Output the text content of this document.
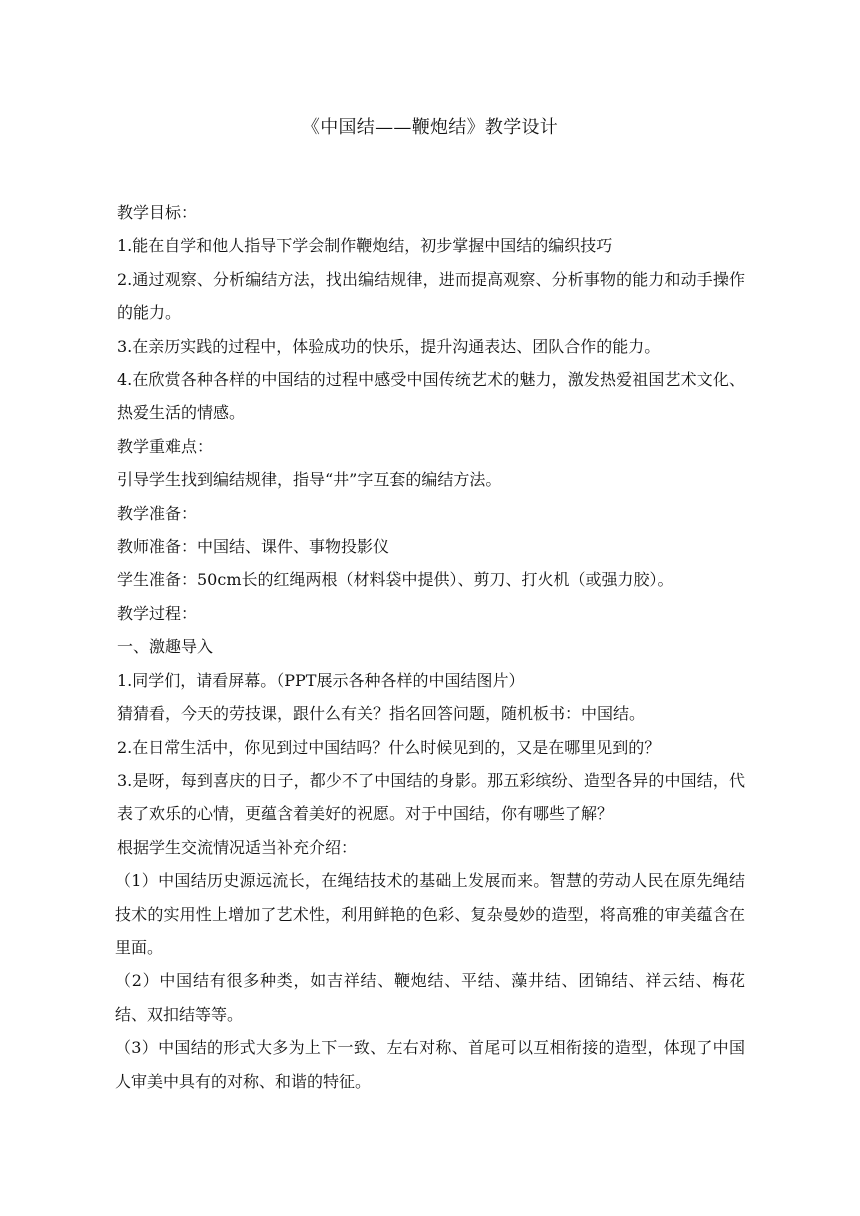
《中国结——鞭炮结》教学设计

教学目标：

1.能在自学和他人指导下学会制作鞭炮结，初步掌握中国结的编织技巧

2.通过观察、分析编结方法，找出编结规律，进而提高观察、分析事物的能力和动手操作的能力。

3.在亲历实践的过程中，体验成功的快乐，提升沟通表达、团队合作的能力。

4.在欣赏各种各样的中国结的过程中感受中国传统艺术的魅力，激发热爱祖国艺术文化、热爱生活的情感。

教学重难点：

引导学生找到编结规律，指导“井”字互套的编结方法。

教学准备：

教师准备：中国结、课件、事物投影仪

学生准备：50cm长的红绳两根（材料袋中提供）、剪刀、打火机（或强力胶）。

教学过程：

一、激趣导入

1.同学们，请看屏幕。（PPT展示各种各样的中国结图片）

猜猜看，今天的劳技课，跟什么有关？指名回答问题，随机板书：中国结。

2.在日常生活中，你见到过中国结吗？什么时候见到的，又是在哪里见到的？

3.是呀，每到喜庆的日子，都少不了中国结的身影。那五彩缤纷、造型各异的中国结，代表了欢乐的心情，更蕴含着美好的祝愿。对于中国结，你有哪些了解？

根据学生交流情况适当补充介绍：

（1）中国结历史源远流长，在绳结技术的基础上发展而来。智慧的劳动人民在原先绳结技术的实用性上增加了艺术性，利用鲜艳的色彩、复杂曼妙的造型，将高雅的审美蕴含在里面。

（2）中国结有很多种类，如吉祥结、鞭炮结、平结、藻井结、团锦结、祥云结、梅花结、双扣结等等。

（3）中国结的形式大多为上下一致、左右对称、首尾可以互相衔接的造型，体现了中国人审美中具有的对称、和谐的特征。
